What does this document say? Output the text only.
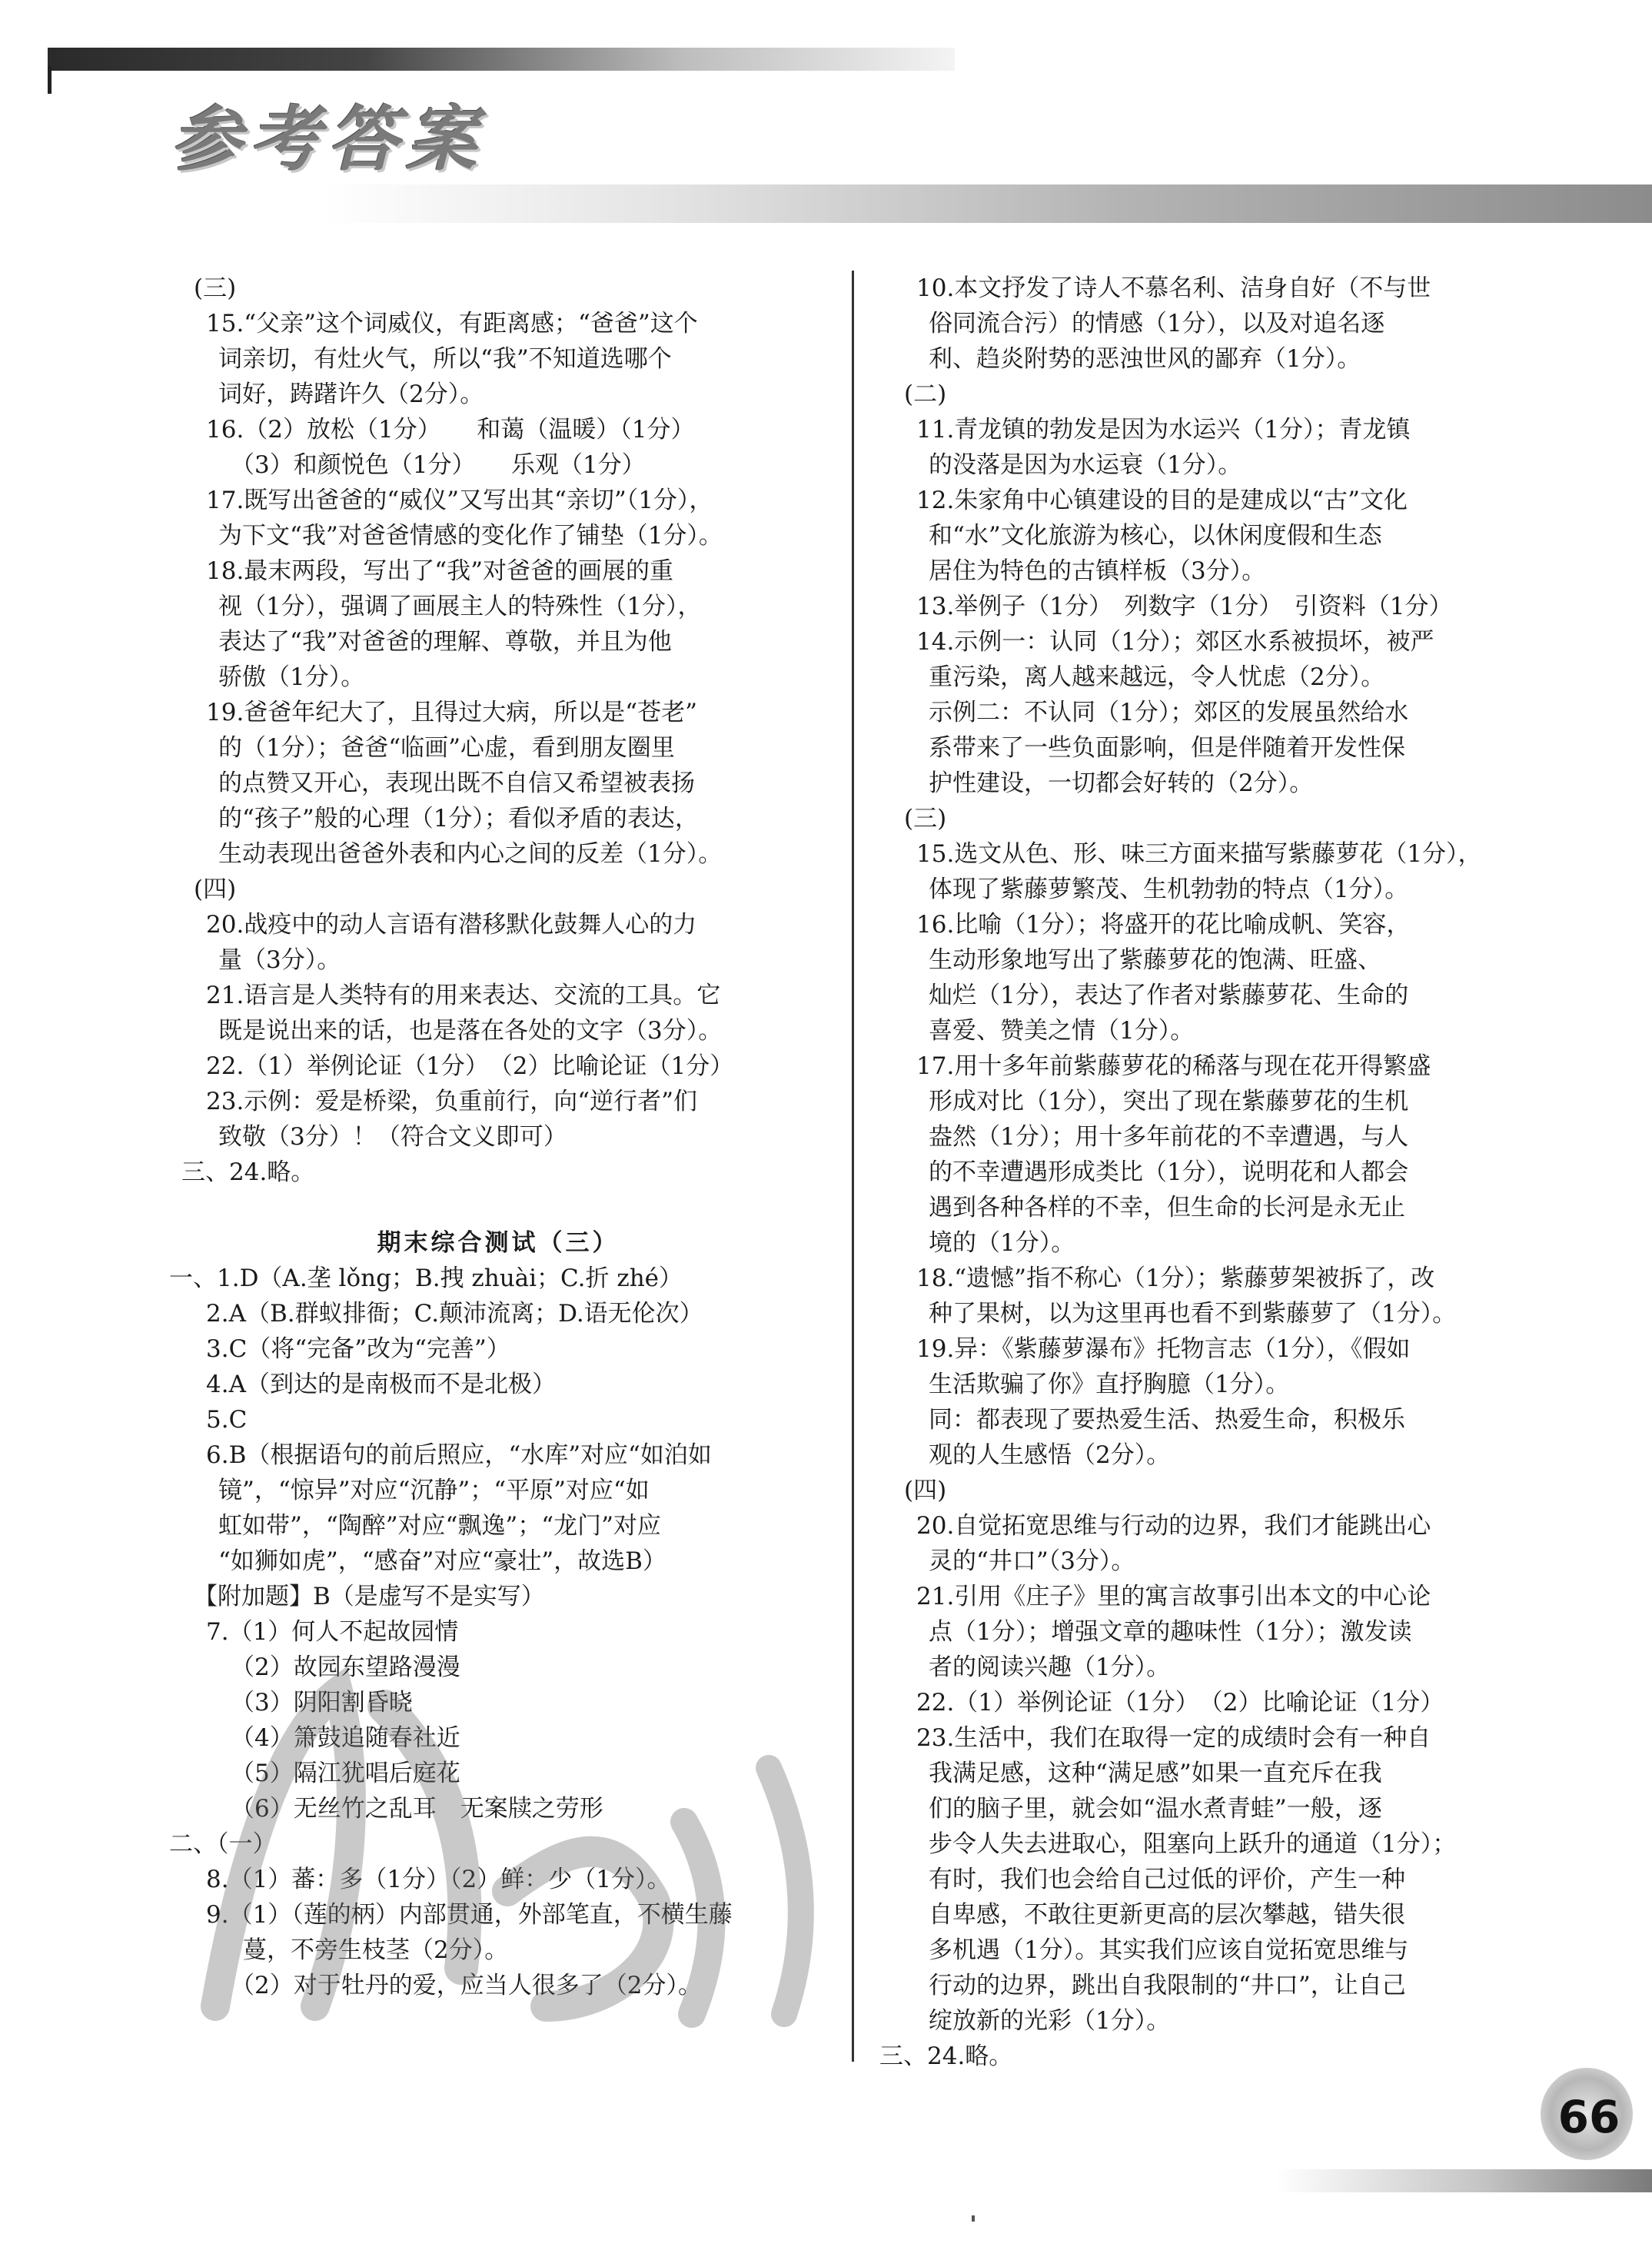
参考答案
(三)
15.“父亲”这个词威仪，有距离感；“爸爸”这个
词亲切，有灶火气，所以“我”不知道选哪个
词好，踌躇许久（2分）。
16.（2）放松（1分）　　和蔼（温暖）（1分）
（3）和颜悦色（1分）　　乐观（1分）
17.既写出爸爸的“威仪”又写出其“亲切”（1分），
为下文“我”对爸爸情感的变化作了铺垫（1分）。
18.最末两段，写出了“我”对爸爸的画展的重
视（1分），强调了画展主人的特殊性（1分），
表达了“我”对爸爸的理解、尊敬，并且为他
骄傲（1分）。
19.爸爸年纪大了，且得过大病，所以是“苍老”
的（1分）；爸爸“临画”心虚，看到朋友圈里
的点赞又开心，表现出既不自信又希望被表扬
的“孩子”般的心理（1分）；看似矛盾的表达，
生动表现出爸爸外表和内心之间的反差（1分）。
(四)
20.战疫中的动人言语有潜移默化鼓舞人心的力
量（3分）。
21.语言是人类特有的用来表达、交流的工具。它
既是说出来的话，也是落在各处的文字（3分）。
22.（1）举例论证（1分）　（2）比喻论证（1分）
23.示例：爱是桥梁，负重前行，向“逆行者”们
致敬（3分）！（符合文义即可）
三、24.略。
期末综合测试（三）
一、1.D（A.垄 lǒng；B.拽 zhuài；C.折 zhé）
2.A（B.群蚁排衙；C.颠沛流离；D.语无伦次）
3.C（将“完备”改为“完善”）
4.A（到达的是南极而不是北极）
5.C
6.B（根据语句的前后照应，“水库”对应“如泊如
镜”，“惊异”对应“沉静”；“平原”对应“如
虹如带”，“陶醉”对应“飘逸”；“龙门”对应
“如狮如虎”，“感奋”对应“豪壮”，故选B）
【附加题】B（是虚写不是实写）
7.（1）何人不起故园情
（2）故园东望路漫漫
（3）阴阳割昏晓
（4）箫鼓追随春社近
（5）隔江犹唱后庭花
（6）无丝竹之乱耳　无案牍之劳形
二、（一）
8.（1）蕃：多（1分）（2）鲜：少（1分）。
9.（1）（莲的柄）内部贯通，外部笔直，不横生藤
蔓，不旁生枝茎（2分）。
（2）对于牡丹的爱，应当人很多了（2分）。
10.本文抒发了诗人不慕名利、洁身自好（不与世
俗同流合污）的情感（1分），以及对追名逐
利、趋炎附势的恶浊世风的鄙弃（1分）。
(二)
11.青龙镇的勃发是因为水运兴（1分）；青龙镇
的没落是因为水运衰（1分）。
12.朱家角中心镇建设的目的是建成以“古”文化
和“水”文化旅游为核心，以休闲度假和生态
居住为特色的古镇样板（3分）。
13.举例子（1分）　列数字（1分）　引资料（1分）
14.示例一：认同（1分）；郊区水系被损坏，被严
重污染，离人越来越远，令人忧虑（2分）。
示例二：不认同（1分）；郊区的发展虽然给水
系带来了一些负面影响，但是伴随着开发性保
护性建设，一切都会好转的（2分）。
(三)
15.选文从色、形、味三方面来描写紫藤萝花（1分），
体现了紫藤萝繁茂、生机勃勃的特点（1分）。
16.比喻（1分）；将盛开的花比喻成帆、笑容，
生动形象地写出了紫藤萝花的饱满、旺盛、
灿烂（1分），表达了作者对紫藤萝花、生命的
喜爱、赞美之情（1分）。
17.用十多年前紫藤萝花的稀落与现在花开得繁盛
形成对比（1分），突出了现在紫藤萝花的生机
盎然（1分）；用十多年前花的不幸遭遇，与人
的不幸遭遇形成类比（1分），说明花和人都会
遇到各种各样的不幸，但生命的长河是永无止
境的（1分）。
18.“遗憾”指不称心（1分）；紫藤萝架被拆了，改
种了果树，以为这里再也看不到紫藤萝了（1分）。
19.异：《紫藤萝瀑布》托物言志（1分），《假如
生活欺骗了你》直抒胸臆（1分）。
同：都表现了要热爱生活、热爱生命，积极乐
观的人生感悟（2分）。
(四)
20.自觉拓宽思维与行动的边界，我们才能跳出心
灵的“井口”（3分）。
21.引用《庄子》里的寓言故事引出本文的中心论
点（1分）；增强文章的趣味性（1分）；激发读
者的阅读兴趣（1分）。
22.（1）举例论证（1分）　（2）比喻论证（1分）
23.生活中，我们在取得一定的成绩时会有一种自
我满足感，这种“满足感”如果一直充斥在我
们的脑子里，就会如“温水煮青蛙”一般，逐
步令人失去进取心，阻塞向上跃升的通道（1分）；
有时，我们也会给自己过低的评价，产生一种
自卑感，不敢往更新更高的层次攀越，错失很
多机遇（1分）。其实我们应该自觉拓宽思维与
行动的边界，跳出自我限制的“井口”，让自己
绽放新的光彩（1分）。
三、24.略。
66
